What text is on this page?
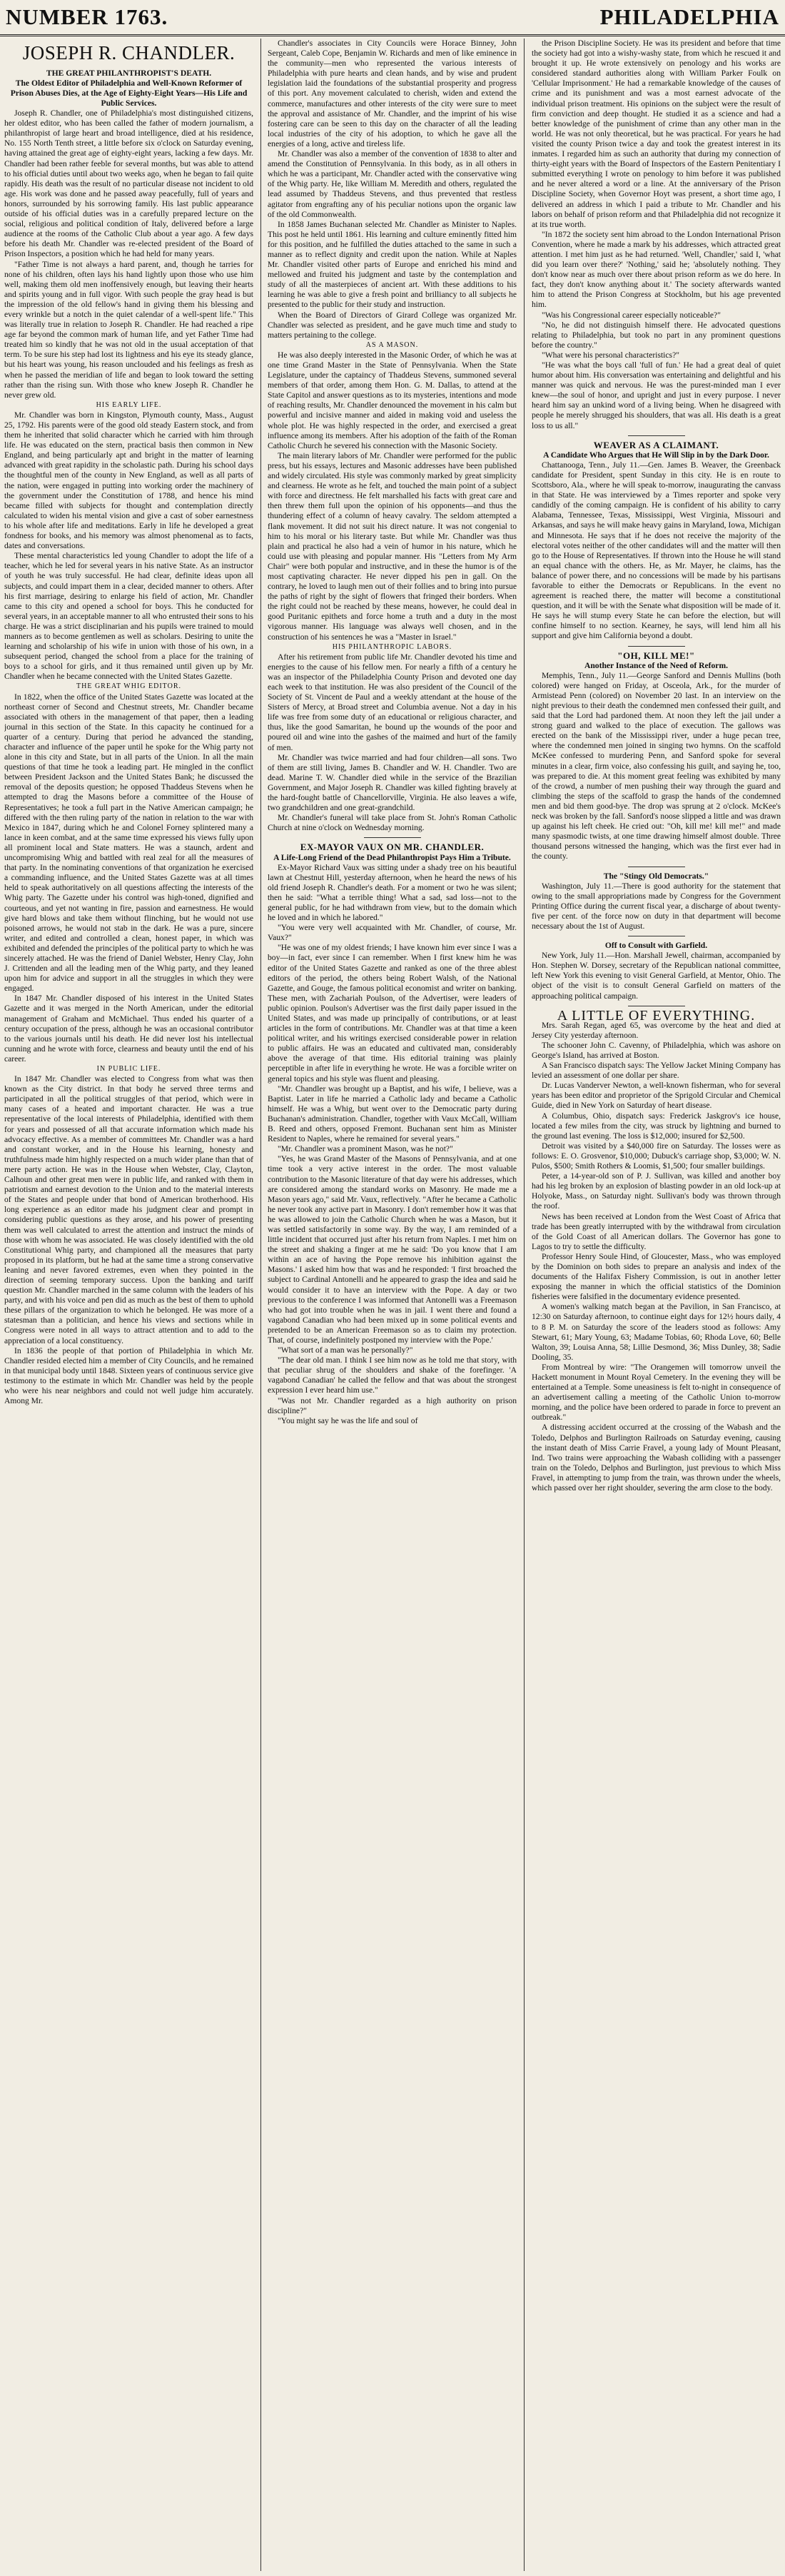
NUMBER 1763.	PHILADELPHIA
JOSEPH R. CHANDLER.

THE GREAT PHILANTHROPIST'S DEATH.

The Oldest Editor of Philadelphia and Well-Known Reformer of Prison Abuses Dies, at the Age of Eighty-Eight Years—His Life and Public Services.

Joseph R. Chandler, one of Philadelphia's most distinguished citizens, her oldest editor, who has been called the father of modern journalism, a philanthropist of large heart and broad intelligence, died at his residence, No. 155 North Tenth street, a little before six o'clock on Saturday evening, having attained the great age of eighty-eight years, lacking a few days. Mr. Chandler had been rather feeble for several months, but was able to attend to his official duties until about two weeks ago, when he began to fail quite rapidly. His death was the result of no particular disease not incident to old age. His work was done and he passed away peacefully, full of years and honors, surrounded by his sorrowing family. His last public appearance outside of his official duties was in a carefully prepared lecture on the social, religious and political condition of Italy, delivered before a large audience at the rooms of the Catholic Club about a year ago. A few days before his death Mr. Chandler was re-elected president of the Board of Prison Inspectors, a position which he had held for many years.

"Father Time is not always a hard parent, and, though he tarries for none of his children, often lays his hand lightly upon those who use him well, making them old men inoffensively enough, but leaving their hearts and spirits young and in full vigor. With such people the gray head is but the impression of the old fellow's hand in giving them his blessing and every wrinkle but a notch in the quiet calendar of a well-spent life." This was literally true in relation to Joseph R. Chandler. He had reached a ripe age far beyond the common mark of human life, and yet Father Time had treated him so kindly that he was not old in the usual acceptation of that term. To be sure his step had lost its lightness and his eye its steady glance, but his heart was young, his reason unclouded and his feelings as fresh as when he passed the meridian of life and began to look toward the setting rather than the rising sun. With those who knew Joseph R. Chandler he never grew old.

HIS EARLY LIFE.

Mr. Chandler was born in Kingston, Plymouth county, Mass., August 25, 1792. His parents were of the good old steady Eastern stock, and from them he inherited that solid character which he carried with him through life. He was educated on the stern, practical basis then common in New England, and being particularly apt and bright in the matter of learning advanced with great rapidity in the scholastic path. During his school days the thoughtful men of the county in New England, as well as all parts of the nation, were engaged in putting into working order the machinery of the government under the Constitution of 1788, and hence his mind became filled with subjects for thought and contemplation directly calculated to widen his mental vision and give a cast of sober earnestness to his whole after life and meditations. Early in life he developed a great fondness for books, and his memory was almost phenomenal as to facts, dates and conversations.

These mental characteristics led young Chandler to adopt the life of a teacher, which he led for several years in his native State. As an instructor of youth he was truly successful. He had clear, definite ideas upon all subjects, and could impart them in a clear, decided manner to others. After his first marriage, desiring to enlarge his field of action, Mr. Chandler came to this city and opened a school for boys. This he conducted for several years, in an acceptable manner to all who entrusted their sons to his charge. He was a strict disciplinarian and his pupils were trained to mould manners as to become gentlemen as well as scholars. Desiring to unite the learning and scholarship of his wife in union with those of his own, in a subsequent period, changed the school from a place for the training of boys to a school for girls, and it thus remained until given up by Mr. Chandler when he became connected with the United States Gazette.

THE GREAT WHIG EDITOR.

In 1822, when the office of the United States Gazette was located at the northeast corner of Second and Chestnut streets, Mr. Chandler became associated with others in the management of that paper, then a leading journal in this section of the State. In this capacity he continued for a quarter of a century. During that period he advanced the standing, character and influence of the paper until he spoke for the Whig party not alone in this city and State, but in all parts of the Union. In all the main questions of that time he took a leading part. He mingled in the conflict between President Jackson and the United States Bank; he discussed the removal of the deposits question; he opposed Thaddeus Stevens when he attempted to drag the Masons before a committee of the House of Representatives; he took a full part in the Native American campaign; he differed with the then ruling party of the nation in relation to the war with Mexico in 1847, during which he and Colonel Forney splintered many a lance in keen combat, and at the same time expressed his views fully upon all prominent local and State matters. He was a staunch, ardent and uncompromising Whig and battled with real zeal for all the measures of that party. In the nominating conventions of that organization he exercised a commanding influence, and the United States Gazette was at all times held to speak authoritatively on all questions affecting the interests of the Whig party. The Gazette under his control was high-toned, dignified and courteous, and yet not wanting in fire, passion and earnestness. He would give hard blows and take them without flinching, but he would not use poisoned arrows, he would not stab in the dark. He was a pure, sincere writer, and edited and controlled a clean, honest paper, in which was exhibited and defended the principles of the political party to which he was sincerely attached. He was the friend of Daniel Webster, Henry Clay, John J. Crittenden and all the leading men of the Whig party, and they leaned upon him for advice and support in all the struggles in which they were engaged.

In 1847 Mr. Chandler disposed of his interest in the United States Gazette and it was merged in the North American, under the editorial management of Graham and McMichael. Thus ended his quarter of a century occupation of the press, although he was an occasional contributor to the various journals until his death. He did never lost his intellectual cunning and he wrote with force, clearness and beauty until the end of his career.

IN PUBLIC LIFE.

In 1847 Mr. Chandler was elected to Congress from what was then known as the City district. In that body he served three terms and participated in all the political struggles of that period, which were in many cases of a heated and important character. He was a true representative of the local interests of Philadelphia, identified with them for years and possessed of all that accurate information which made his advocacy effective. As a member of committees Mr. Chandler was a hard and constant worker, and in the House his learning, honesty and truthfulness made him highly respected on a much wider plane than that of mere party action. He was in the House when Webster, Clay, Clayton, Calhoun and other great men were in public life, and ranked with them in patriotism and earnest devotion to the Union and to the material interests of the States and people under that bond of American brotherhood. His long experience as an editor made his judgment clear and prompt in considering public questions as they arose, and his power of presenting them was well calculated to arrest the attention and instruct the minds of those with whom he was associated. He was closely identified with the old Constitutional Whig party, and championed all the measures that party proposed in its platform, but he had at the same time a strong conservative leaning and never favored extremes, even when they pointed in the direction of seeming temporary success. Upon the banking and tariff question Mr. Chandler marched in the same column with the leaders of his party, and with his voice and pen did as much as the best of them to uphold these pillars of the organization to which he belonged. He was more of a statesman than a politician, and hence his views and sections while in Congress were noted in all ways to attract attention and to add to the appreciation of a local constituency.

In 1836 the people of that portion of Philadelphia in which Mr. Chandler resided elected him a member of City Councils, and he remained in that municipal body until 1848. Sixteen years of continuous service give testimony to the estimate in which Mr. Chandler was held by the people who were his near neighbors and could not well judge him accurately. Among Mr.

Chandler's associates in City Councils were Horace Binney, John Sergeant, Caleb Cope, Benjamin W. Richards and men of like eminence in the community—men who represented the various interests of Philadelphia with pure hearts and clean hands, and by wise and prudent legislation laid the foundations of the substantial prosperity and progress of this port. Any movement calculated to cherish, widen and extend the commerce, manufactures and other interests of the city were sure to meet the approval and assistance of Mr. Chandler, and the imprint of his wise fostering care can be seen to this day on the character of all the leading local industries of the city of his adoption, to which he gave all the energies of a long, active and tireless life.

Mr. Chandler was also a member of the convention of 1838 to alter and amend the Constitution of Pennsylvania. In this body, as in all others in which he was a participant, Mr. Chandler acted with the conservative wing of the Whig party. He, like William M. Meredith and others, regulated the lead assumed by Thaddeus Stevens, and thus prevented that restless agitator from engrafting any of his peculiar notions upon the organic law of the old Commonwealth.

In 1858 James Buchanan selected Mr. Chandler as Minister to Naples. This post he held until 1861. His learning and culture eminently fitted him for this position, and he fulfilled the duties attached to the same in such a manner as to reflect dignity and credit upon the nation. While at Naples Mr. Chandler visited other parts of Europe and enriched his mind and mellowed and fruited his judgment and taste by the contemplation and study of all the masterpieces of ancient art. With these additions to his learning he was able to give a fresh point and brilliancy to all subjects he presented to the public for their study and instruction.

When the Board of Directors of Girard College was organized Mr. Chandler was selected as president, and he gave much time and study to matters pertaining to the college.

AS A MASON.

He was also deeply interested in the Masonic Order, of which he was at one time Grand Master in the State of Pennsylvania. When the State Legislature, under the captaincy of Thaddeus Stevens, summoned several members of that order, among them Hon. G. M. Dallas, to attend at the State Capitol and answer questions as to its mysteries, intentions and mode of reaching results, Mr. Chandler denounced the movement in his calm but powerful and incisive manner and aided in making void and useless the whole plot. He was highly respected in the order, and exercised a great influence among its members. After his adoption of the faith of the Roman Catholic Church he severed his connection with the Masonic Society.

The main literary labors of Mr. Chandler were performed for the public press, but his essays, lectures and Masonic addresses have been published and widely circulated. His style was commonly marked by great simplicity and clearness. He wrote as he felt, and touched the main point of a subject with force and directness. He felt marshalled his facts with great care and then threw them full upon the opinion of his opponents—and thus the thundering effect of a column of heavy cavalry. The seldom attempted a flank movement. It did not suit his direct nature. It was not congenial to him to his moral or his literary taste. But while Mr. Chandler was thus plain and practical he also had a vein of humor in his nature, which he could use with pleasing and popular manner. His "Letters from My Arm Chair" were both popular and instructive, and in these the humor is of the most captivating character. He never dipped his pen in gall. On the contrary, he loved to laugh men out of their follies and to bring into pursue the paths of right by the sight of flowers that fringed their borders. When the right could not be reached by these means, however, he could deal in good Puritanic epithets and force home a truth and a duty in the most vigorous manner. His language was always well chosen, and in the construction of his sentences he was a "Master in Israel."

HIS PHILANTHROPIC LABORS.

After his retirement from public life Mr. Chandler devoted his time and energies to the cause of his fellow men. For nearly a fifth of a century he was an inspector of the Philadelphia County Prison and devoted one day each week to that institution. He was also president of the Council of the Society of St. Vincent de Paul and a weekly attendant at the house of the Sisters of Mercy, at Broad street and Columbia avenue. Not a day in his life was free from some duty of an educational or religious character, and thus, like the good Samaritan, he bound up the wounds of the poor and poured oil and wine into the gashes of the maimed and hurt of the family of men.

Mr. Chandler was twice married and had four children—all sons. Two of them are still living, James B. Chandler and W. H. Chandler. Two are dead. Marine T. W. Chandler died while in the service of the Brazilian Government, and Major Joseph R. Chandler was killed fighting bravely at the hard-fought battle of Chancellorville, Virginia. He also leaves a wife, two grandchildren and one great-grandchild.

Mr. Chandler's funeral will take place from St. John's Roman Catholic Church at nine o'clock on Wednesday morning.

EX-MAYOR VAUX ON MR. CHANDLER.

A Life-Long Friend of the Dead Philanthropist Pays Him a Tribute.

Ex-Mayor Richard Vaux was sitting under a shady tree on his beautiful lawn at Chestnut Hill, yesterday afternoon, when he heard the news of his old friend Joseph R. Chandler's death. For a moment or two he was silent; then he said: "What a terrible thing! What a sad, sad loss—not to the general public, for he had withdrawn from view, but to the domain which he loved and in which he labored."

"You were very well acquainted with Mr. Chandler, of course, Mr. Vaux?"

"He was one of my oldest friends; I have known him ever since I was a boy—in fact, ever since I can remember. When I first knew him he was editor of the United States Gazette and ranked as one of the three ablest editors of the period, the others being Robert Walsh, of the National Gazette, and Gouge, the famous political economist and writer on banking. These men, with Zachariah Poulson, of the Advertiser, were leaders of public opinion. Poulson's Advertiser was the first daily paper issued in the United States, and was made up principally of contributions, or at least articles in the form of contributions. Mr. Chandler was at that time a keen political writer, and his writings exercised considerable power in relation to public affairs. He was an educated and cultivated man, considerably above the average of that time. His editorial training was plainly perceptible in after life in everything he wrote. He was a forcible writer on general topics and his style was fluent and pleasing.

"Mr. Chandler was brought up a Baptist, and his wife, I believe, was a Baptist. Later in life he married a Catholic lady and became a Catholic himself. He was a Whig, but went over to the Democratic party during Buchanan's administration. Chandler, together with Vaux McCall, William B. Reed and others, opposed Fremont. Buchanan sent him as Minister Resident to Naples, where he remained for several years."

"Mr. Chandler was a prominent Mason, was he not?"

"Yes, he was Grand Master of the Masons of Pennsylvania, and at one time took a very active interest in the order. The most valuable contribution to the Masonic literature of that day were his addresses, which are considered among the standard works on Masonry. He made me a Mason years ago," said Mr. Vaux, reflectively. "After he became a Catholic he never took any active part in Masonry. I don't remember how it was that he was allowed to join the Catholic Church when he was a Mason, but it was settled satisfactorily in some way. By the way, I am reminded of a little incident that occurred just after his return from Naples. I met him on the street and shaking a finger at me he said: 'Do you know that I am within an ace of having the Pope remove his inhibition against the Masons.' I asked him how that was and he responded: 'I first broached the subject to Cardinal Antonelli and he appeared to grasp the idea and said he would consider it to have an interview with the Pope. A day or two previous to the conference I was informed that Antonelli was a Freemason who had got into trouble when he was in jail. I went there and found a vagabond Canadian who had been mixed up in some political events and pretended to be an American Freemason so as to claim my protection. That, of course, indefinitely postponed my interview with the Pope.'

"What sort of a man was he personally?"

"The dear old man. I think I see him now as he told me that story, with that peculiar shrug of the shoulders and shake of the forefinger. 'A vagabond Canadian' he called the fellow and that was about the strongest expression I ever heard him use."

"Was not Mr. Chandler regarded as a high authority on prison discipline?"

"You might say he was the life and soul of

the Prison Discipline Society. He was its president and before that time the society had got into a wishy-washy state, from which he rescued it and brought it up. He wrote extensively on penology and his works are considered standard authorities along with William Parker Foulk on 'Cellular Imprisonment.' He had a remarkable knowledge of the causes of crime and its punishment and was a most earnest advocate of the individual prison treatment. His opinions on the subject were the result of firm conviction and deep thought. He studied it as a science and had a better knowledge of the punishment of crime than any other man in the world. He was not only theoretical, but he was practical. For years he had visited the county Prison twice a day and took the greatest interest in its inmates. I regarded him as such an authority that during my connection of thirty-eight years with the Board of Inspectors of the Eastern Penitentiary I submitted everything I wrote on penology to him before it was published and he never altered a word or a line. At the anniversary of the Prison Discipline Society, when Governor Hoyt was present, a short time ago, I delivered an address in which I paid a tribute to Mr. Chandler and his labors on behalf of prison reform and that Philadelphia did not recognize it at its true worth.

"In 1872 the society sent him abroad to the London International Prison Convention, where he made a mark by his addresses, which attracted great attention. I met him just as he had returned. 'Well, Chandler,' said I, 'what did you learn over there?' 'Nothing,' said he; 'absolutely nothing. They don't know near as much over there about prison reform as we do here. In fact, they don't know anything about it.' The society afterwards wanted him to attend the Prison Congress at Stockholm, but his age prevented him.

"Was his Congressional career especially noticeable?"

"No, he did not distinguish himself there. He advocated questions relating to Philadelphia, but took no part in any prominent questions before the country."

"What were his personal characteristics?"

"He was what the boys call 'full of fun.' He had a great deal of quiet humor about him. His conversation was entertaining and delightful and his manner was quick and nervous. He was the purest-minded man I ever knew—the soul of honor, and upright and just in every purpose. I never heard him say an unkind word of a living being. When he disagreed with people he merely shrugged his shoulders, that was all. His death is a great loss to us all."

WEAVER AS A CLAIMANT.

A Candidate Who Argues that He Will Slip in by the Dark Door.

Chattanooga, Tenn., July 11.—Gen. James B. Weaver, the Greenback candidate for President, spent Sunday in this city. He is en route to Scottsboro, Ala., where he will speak to-morrow, inaugurating the canvass in that State. He was interviewed by a Times reporter and spoke very candidly of the coming campaign. He is confident of his ability to carry Alabama, Tennessee, Texas, Mississippi, West Virginia, Missouri and Arkansas, and says he will make heavy gains in Maryland, Iowa, Michigan and Minnesota. He says that if he does not receive the majority of the electoral votes neither of the other candidates will and the matter will then go to the House of Representatives. If thrown into the House he will stand an equal chance with the others. He, as Mr. Mayer, he claims, has the balance of power there, and no concessions will be made by his partisans favorable to either the Democrats or Republicans. In the event no agreement is reached there, the matter will become a constitutional question, and it will be with the Senate what disposition will be made of it. He says he will stump every State he can before the election, but will confine himself to no section. Kearney, he says, will lend him all his support and give him California beyond a doubt.

"OH, KILL ME!"

Another Instance of the Need of Reform.

Memphis, Tenn., July 11.—George Sanford and Dennis Mullins (both colored) were hanged on Friday, at Osceola, Ark., for the murder of Armistead Penn (colored) on November 20 last. In an interview on the night previous to their death the condemned men confessed their guilt, and said that the Lord had pardoned them. At noon they left the jail under a strong guard and walked to the place of execution. The gallows was erected on the bank of the Mississippi river, under a huge pecan tree, where the condemned men joined in singing two hymns. On the scaffold McKee confessed to murdering Penn, and Sanford spoke for several minutes in a clear, firm voice, also confessing his guilt, and saying he, too, was prepared to die. At this moment great feeling was exhibited by many of the crowd, a number of men pushing their way through the guard and climbing the steps of the scaffold to grasp the hands of the condemned men and bid them good-bye. The drop was sprung at 2 o'clock. McKee's neck was broken by the fall. Sanford's noose slipped a little and was drawn up against his left cheek. He cried out: "Oh, kill me! kill me!" and made many spasmodic twists, at one time drawing himself almost double. Three thousand persons witnessed the hanging, which was the first ever had in the county.

The "Stingy Old Democrats."

Washington, July 11.—There is good authority for the statement that owing to the small appropriations made by Congress for the Government Printing Office during the current fiscal year, a discharge of about twenty-five per cent. of the force now on duty in that department will become necessary about the 1st of August.

Off to Consult with Garfield.

New York, July 11.—Hon. Marshall Jewell, chairman, accompanied by Hon. Stephen W. Dorsey, secretary of the Republican national committee, left New York this evening to visit General Garfield, at Mentor, Ohio. The object of the visit is to consult General Garfield on matters of the approaching political campaign.

A LITTLE OF EVERYTHING.

Mrs. Sarah Regan, aged 65, was overcome by the heat and died at Jersey City yesterday afternoon.

The schooner John C. Cavenny, of Philadelphia, which was ashore on George's Island, has arrived at Boston.

A San Francisco dispatch says: The Yellow Jacket Mining Company has levied an assessment of one dollar per share.

Dr. Lucas Vanderver Newton, a well-known fisherman, who for several years has been editor and proprietor of the Sprigold Circular and Chemical Guide, died in New York on Saturday of heart disease.

A Columbus, Ohio, dispatch says: Frederick Jaskgrov's ice house, located a few miles from the city, was struck by lightning and burned to the ground last evening. The loss is $12,000; insured for $2,500.

Detroit was visited by a $40,000 fire on Saturday. The losses were as follows: E. O. Grosvenor, $10,000; Dubuck's carriage shop, $3,000; W. N. Pulos, $500; Smith Rothers & Loomis, $1,500; four smaller buildings.

Peter, a 14-year-old son of P. J. Sullivan, was killed and another boy had his leg broken by an explosion of blasting powder in an old lock-up at Holyoke, Mass., on Saturday night. Sullivan's body was thrown through the roof.

News has been received at London from the West Coast of Africa that trade has been greatly interrupted with by the withdrawal from circulation of the Gold Coast of all American dollars. The Governor has gone to Lagos to try to settle the difficulty.

Professor Henry Soule Hind, of Gloucester, Mass., who was employed by the Dominion on both sides to prepare an analysis and index of the documents of the Halifax Fishery Commission, is out in another letter exposing the manner in which the official statistics of the Dominion fisheries were falsified in the documentary evidence presented.

A women's walking match began at the Pavilion, in San Francisco, at 12:30 on Saturday afternoon, to continue eight days for 12½ hours daily, 4 to 8 P. M. on Saturday the score of the leaders stood as follows: Amy Stewart, 61; Mary Young, 63; Madame Tobias, 60; Rhoda Love, 60; Belle Walton, 39; Louisa Anna, 58; Lillie Desmond, 36; Miss Dunley, 38; Sadie Dooling, 35.

From Montreal by wire: "The Orangemen will tomorrow unveil the Hackett monument in Mount Royal Cemetery. In the evening they will be entertained at a Temple. Some uneasiness is felt to-night in consequence of an advertisement calling a meeting of the Catholic Union to-morrow morning, and the police have been ordered to parade in force to prevent an outbreak."

A distressing accident occurred at the crossing of the Wabash and the Toledo, Delphos and Burlington Railroads on Saturday evening, causing the instant death of Miss Carrie Fravel, a young lady of Mount Pleasant, Ind. Two trains were approaching the Wabash colliding with a passenger train on the Toledo, Delphos and Burlington, just previous to which Miss Fravel, in attempting to jump from the train, was thrown under the wheels, which passed over her right shoulder, severing the arm close to the body.
